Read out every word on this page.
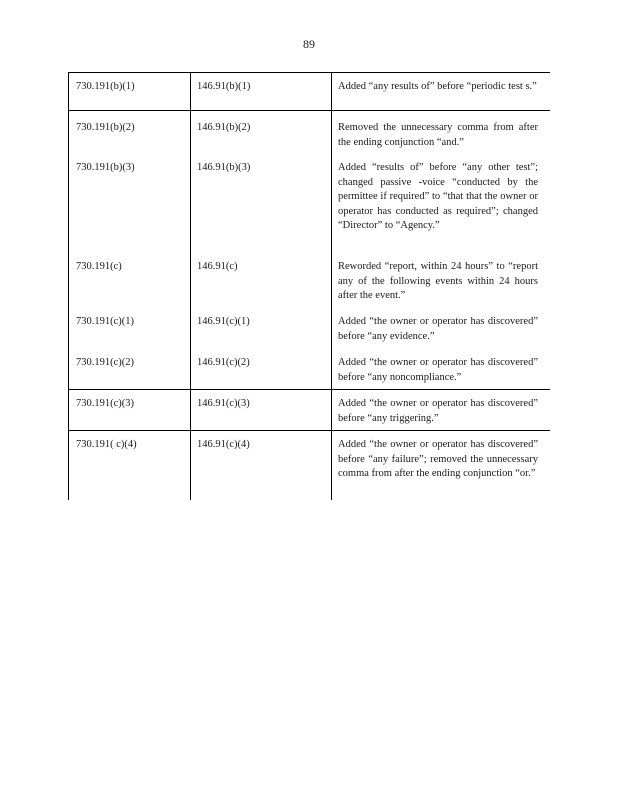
89
730.191(b)(1)	146.91(b)(1)	Added “any results of” before “periodic test s.”
730.191(b)(2)	146.91(b)(2)	Removed the unnecessary comma from after the ending conjunction “and.”
730.191(b)(3)	146.91(b)(3)	Added “results of” before “any other test”; changed passive -voice “conducted by the permittee if required” to “that that the owner or operator has conducted as required”; changed “Director” to “Agency.”
730.191(c)	146.91(c)	Reworded “report, within 24 hours” to “report any of the following events within 24 hours after the event.”
730.191(c)(1)	146.91(c)(1)	Added “the owner or operator has discovered” before “any evidence.”
730.191(c)(2)	146.91(c)(2)	Added “the owner or operator has discovered” before “any noncompliance.”
730.191(c)(3)	146.91(c)(3)	Added “the owner or operator has discovered” before “any triggering.”
730.191( c)(4)	146.91(c)(4)	Added “the owner or operator has discovered” before “any failure”; removed the unnecessary comma from after the ending conjunction “or.”
